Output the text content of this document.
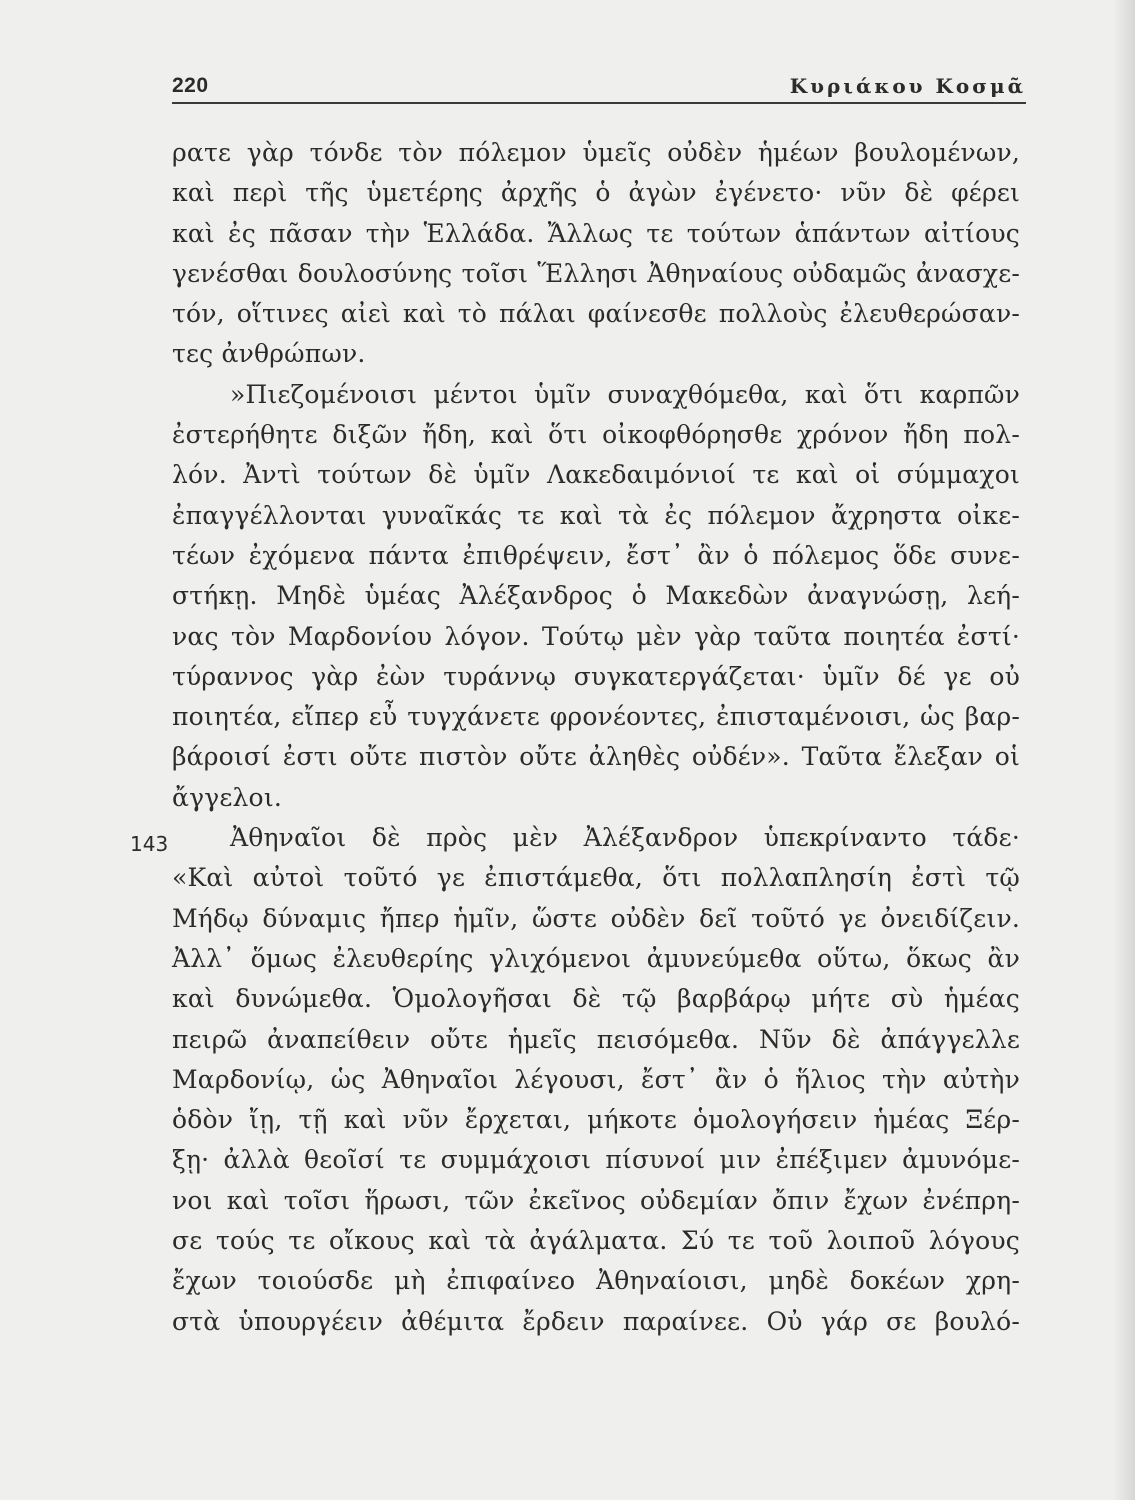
220	Κυριάκου Κοσμᾶ
143
ρατε γὰρ τόνδε τὸν πόλεμον ὑμεῖς οὐδὲν ἡμέων βουλομένων,
καὶ περὶ τῆς ὑμετέρης ἀρχῆς ὁ ἀγὼν ἐγένετο· νῦν δὲ φέρει
καὶ ἐς πᾶσαν τὴν Ἑλλάδα. Ἄλλως τε τούτων ἁπάντων αἰτίους
γενέσθαι δουλοσύνης τοῖσι Ἕλλησι Ἀθηναίους οὐδαμῶς ἀνασχε-
τόν, οἵτινες αἰεὶ καὶ τὸ πάλαι φαίνεσθε πολλοὺς ἐλευθερώσαν-
τες ἀνθρώπων.
»Πιεζομένοισι μέντοι ὑμῖν συναχθόμεθα, καὶ ὅτι καρπῶν
ἐστερήθητε διξῶν ἤδη, καὶ ὅτι οἰκοφθόρησθε χρόνον ἤδη πολ-
λόν. Ἀντὶ τούτων δὲ ὑμῖν Λακεδαιμόνιοί τε καὶ οἱ σύμμαχοι
ἐπαγγέλλονται γυναῖκάς τε καὶ τὰ ἐς πόλεμον ἄχρηστα οἰκε-
τέων ἐχόμενα πάντα ἐπιθρέψειν, ἔστ᾽ ἂν ὁ πόλεμος ὅδε συνε-
στήκῃ. Μηδὲ ὑμέας Ἀλέξανδρος ὁ Μακεδὼν ἀναγνώσῃ, λεή-
νας τὸν Μαρδονίου λόγον. Τούτῳ μὲν γὰρ ταῦτα ποιητέα ἐστί·
τύραννος γὰρ ἐὼν τυράννῳ συγκατεργάζεται· ὑμῖν δέ γε οὐ
ποιητέα, εἴπερ εὖ τυγχάνετε φρονέοντες, ἐπισταμένοισι, ὡς βαρ-
βάροισί ἐστι οὔτε πιστὸν οὔτε ἀληθὲς οὐδέν». Ταῦτα ἔλεξαν οἱ
ἄγγελοι.
Ἀθηναῖοι δὲ πρὸς μὲν Ἀλέξανδρον ὑπεκρίναντο τάδε·
«Καὶ αὐτοὶ τοῦτό γε ἐπιστάμεθα, ὅτι πολλαπλησίη ἐστὶ τῷ
Μήδῳ δύναμις ἤπερ ἡμῖν, ὥστε οὐδὲν δεῖ τοῦτό γε ὀνειδίζειν.
Ἀλλ᾽ ὅμως ἐλευθερίης γλιχόμενοι ἀμυνεύμεθα οὕτω, ὅκως ἂν
καὶ δυνώμεθα. Ὁμολογῆσαι δὲ τῷ βαρβάρῳ μήτε σὺ ἡμέας
πειρῶ ἀναπείθειν οὔτε ἡμεῖς πεισόμεθα. Νῦν δὲ ἀπάγγελλε
Μαρδονίῳ, ὡς Ἀθηναῖοι λέγουσι, ἔστ᾽ ἂν ὁ ἥλιος τὴν αὐτὴν
ὁδὸν ἴῃ, τῇ καὶ νῦν ἔρχεται, μήκοτε ὁμολογήσειν ἡμέας Ξέρ-
ξῃ· ἀλλὰ θεοῖσί τε συμμάχοισι πίσυνοί μιν ἐπέξιμεν ἀμυνόμε-
νοι καὶ τοῖσι ἥρωσι, τῶν ἐκεῖνος οὐδεμίαν ὄπιν ἔχων ἐνέπρη-
σε τούς τε οἴκους καὶ τὰ ἀγάλματα. Σύ τε τοῦ λοιποῦ λόγους
ἔχων τοιούσδε μὴ ἐπιφαίνεο Ἀθηναίοισι, μηδὲ δοκέων χρη-
στὰ ὑπουργέειν ἀθέμιτα ἔρδειν παραίνεε. Οὐ γάρ σε βουλό-
